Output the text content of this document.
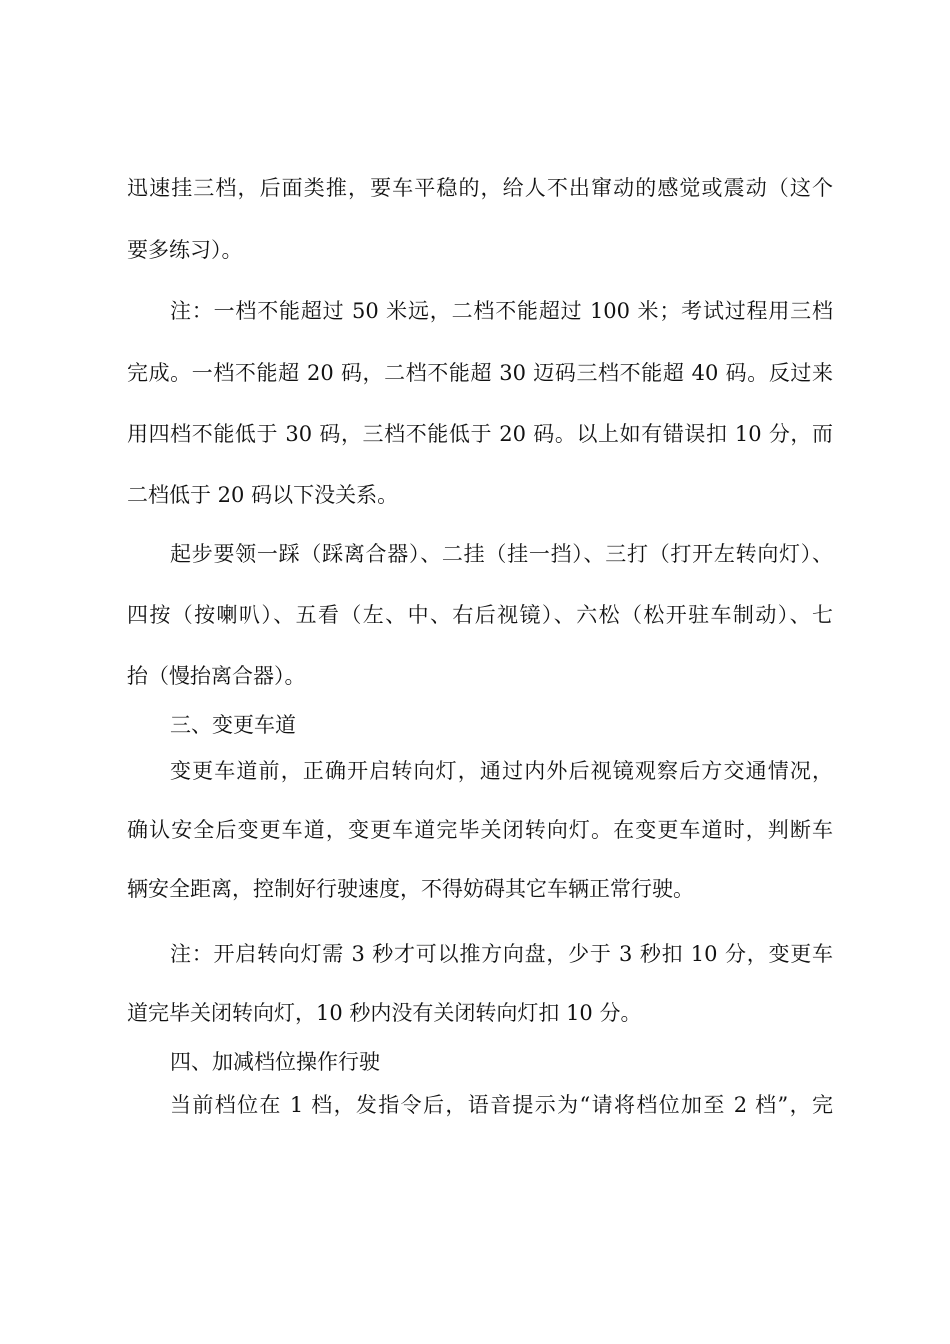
迅速挂三档，后面类推，要车平稳的，给人不出窜动的感觉或震动（这个
要多练习）。
注：一档不能超过 50 米远，二档不能超过 100 米；考试过程用三档
完成。一档不能超 20 码，二档不能超 30 迈码三档不能超 40 码。反过来
用四档不能低于 30 码，三档不能低于 20 码。以上如有错误扣 10 分，而
二档低于 20 码以下没关系。
起步要领一踩（踩离合器）、二挂（挂一挡）、三打（打开左转向灯）、
四按（按喇叭）、五看（左、中、右后视镜）、六松（松开驻车制动）、七
抬（慢抬离合器）。
三、变更车道
变更车道前，正确开启转向灯，通过内外后视镜观察后方交通情况，
确认安全后变更车道，变更车道完毕关闭转向灯。在变更车道时，判断车
辆安全距离，控制好行驶速度，不得妨碍其它车辆正常行驶。
注：开启转向灯需 3 秒才可以推方向盘，少于 3 秒扣 10 分，变更车
道完毕关闭转向灯，10 秒内没有关闭转向灯扣 10 分。
四、加减档位操作行驶
当前档位在 1 档，发指令后，语音提示为“请将档位加至 2 档”，完
